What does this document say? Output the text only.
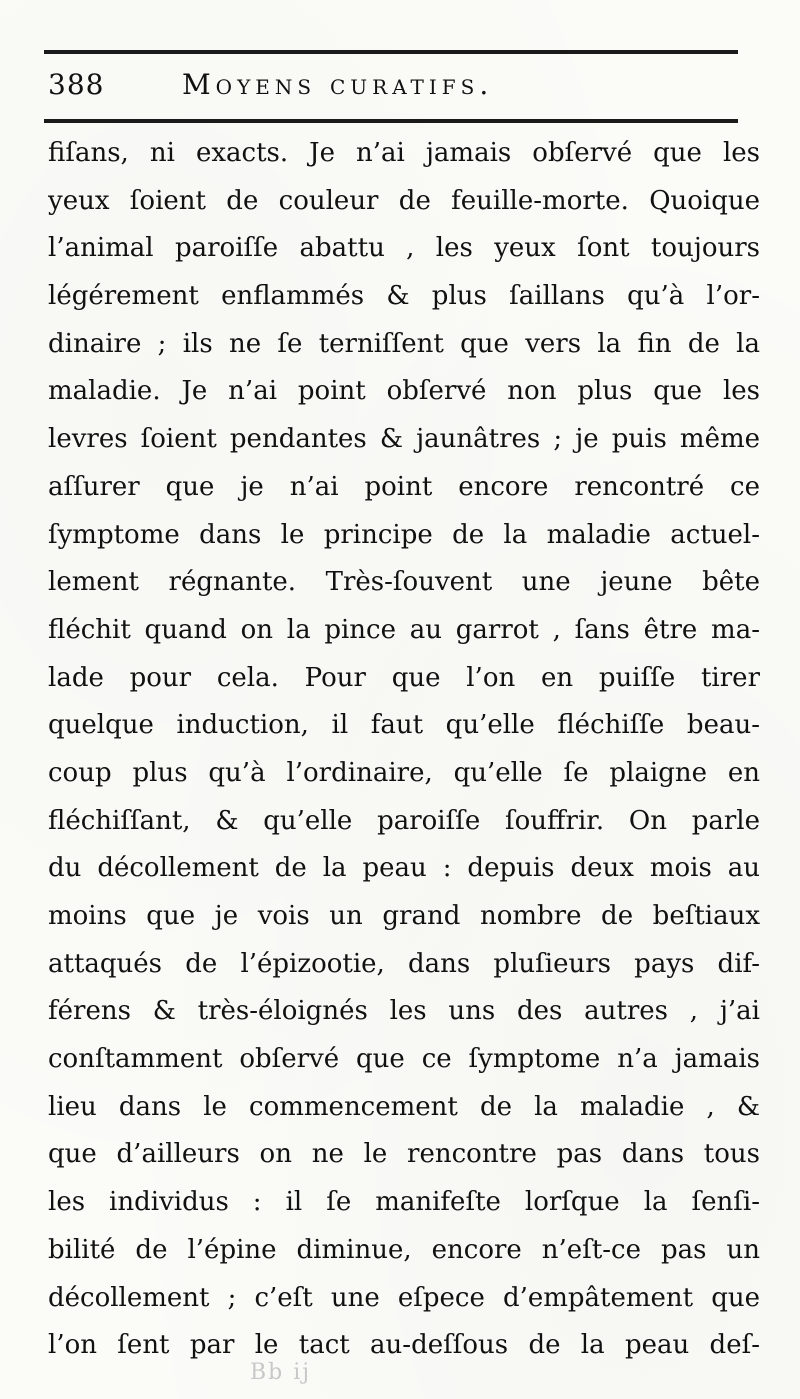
388	Moyens curatifs.
fiſans, ni exacts. Je n’ai jamais obſervé que les
yeux ſoient de couleur de feuille-morte. Quoique
l’animal paroiſſe abattu , les yeux ſont toujours
légérement enflammés & plus ſaillans qu’à l’or-
dinaire ; ils ne ſe terniſſent que vers la fin de la
maladie. Je n’ai point obſervé non plus que les
levres ſoient pendantes & jaunâtres ; je puis même
aſſurer que je n’ai point encore rencontré ce
ſymptome dans le principe de la maladie actuel-
lement régnante. Très-ſouvent une jeune bête
fléchit quand on la pince au garrot , ſans être ma-
lade pour cela. Pour que l’on en puiſſe tirer
quelque induction, il faut qu’elle fléchiſſe beau-
coup plus qu’à l’ordinaire, qu’elle ſe plaigne en
fléchiſſant, & qu’elle paroiſſe ſouffrir. On parle
du décollement de la peau : depuis deux mois au
moins que je vois un grand nombre de beſtiaux
attaqués de l’épizootie, dans pluſieurs pays dif-
férens & très-éloignés les uns des autres , j’ai
conſtamment obſervé que ce ſymptome n’a jamais
lieu dans le commencement de la maladie , &
que d’ailleurs on ne le rencontre pas dans tous
les individus : il ſe manifeſte lorſque la ſenſi-
bilité de l’épine diminue, encore n’eſt-ce pas un
décollement ; c’eſt une eſpece d’empâtement que
l’on ſent par le tact au-deſſous de la peau deſ-
Bb ij
